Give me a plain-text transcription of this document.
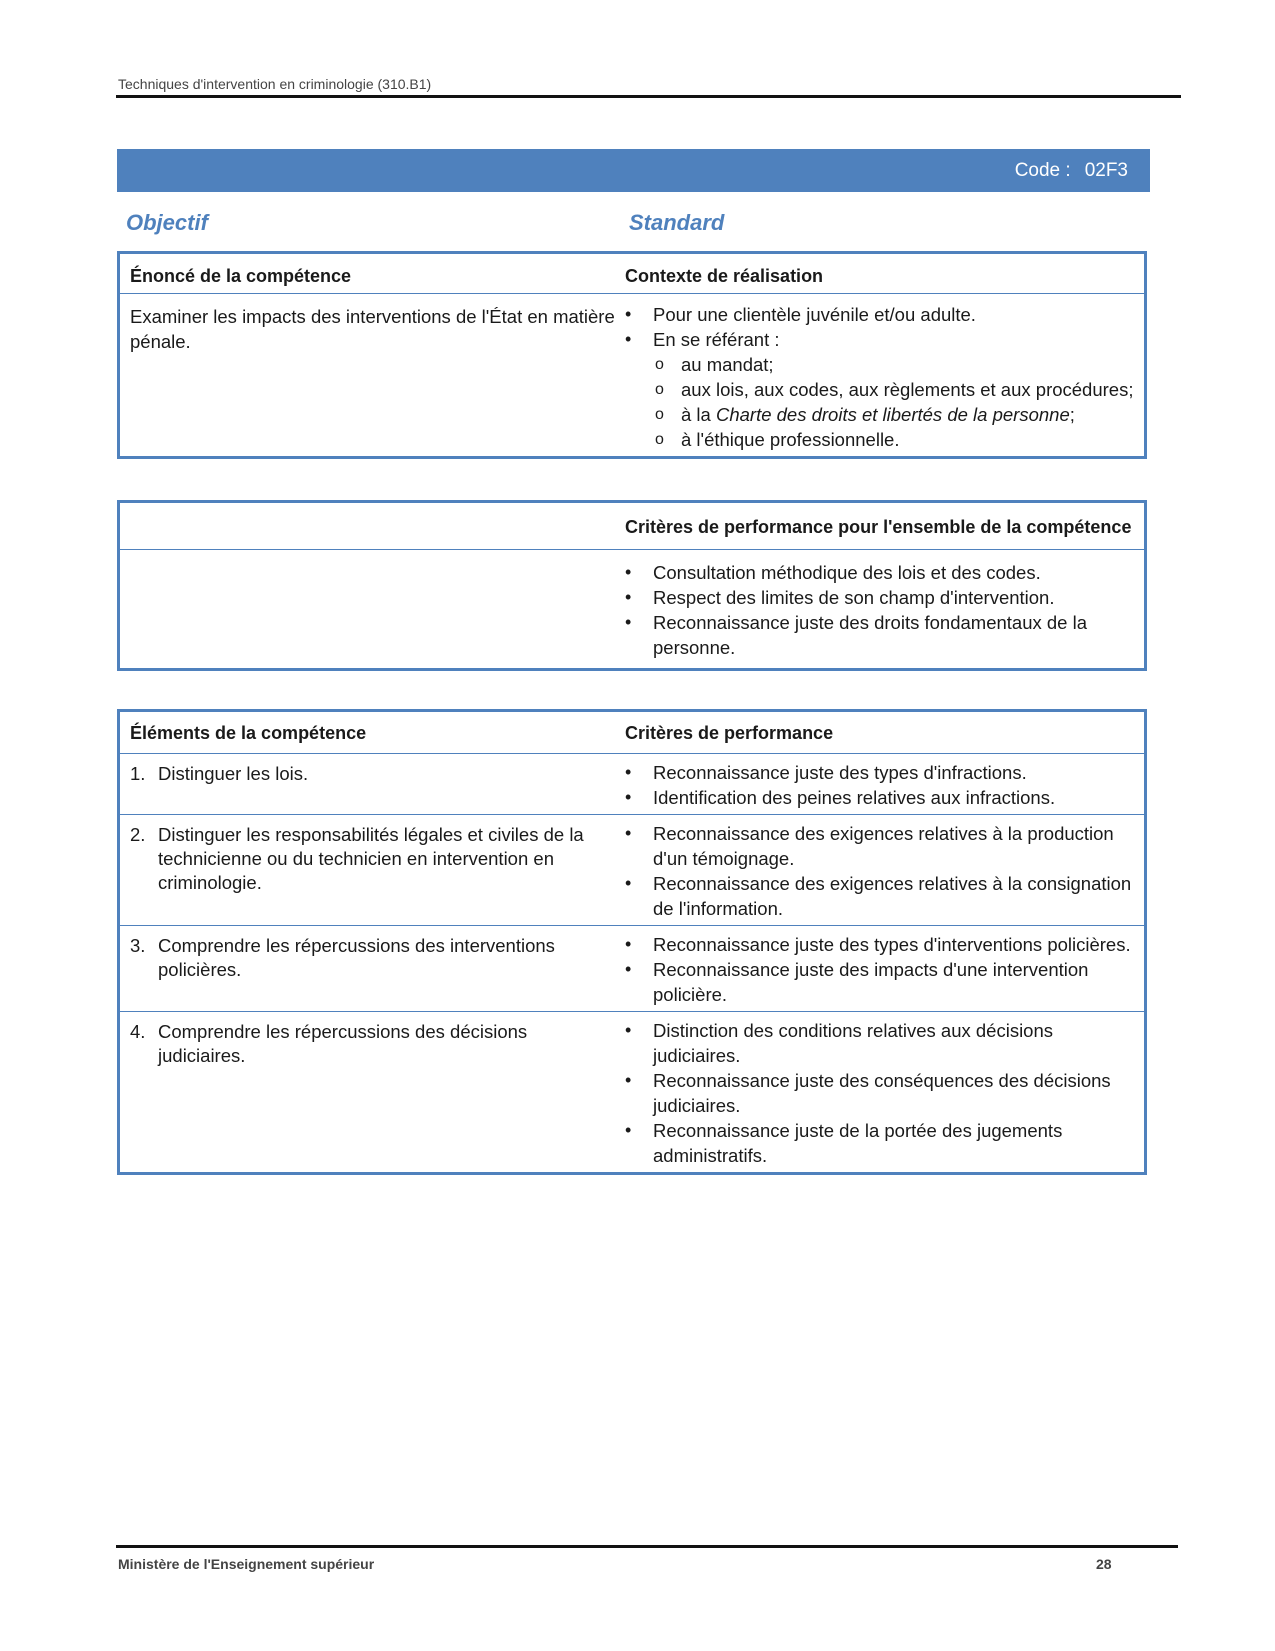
Techniques d'intervention en criminologie (310.B1)
Code : 02F3
Objectif	Standard
Énoncé de la compétence	Contexte de réalisation
Examiner les impacts des interventions de l'État en matière pénale.
• Pour une clientèle juvénile et/ou adulte.
• En se référant :
o au mandat;
o aux lois, aux codes, aux règlements et aux procédures;
o à la Charte des droits et libertés de la personne;
o à l'éthique professionnelle.
Critères de performance pour l'ensemble de la compétence
• Consultation méthodique des lois et des codes.
• Respect des limites de son champ d'intervention.
• Reconnaissance juste des droits fondamentaux de la personne.
Éléments de la compétence	Critères de performance
1. Distinguer les lois.
•	Reconnaissance juste des types d'infractions.
• Identification des peines relatives aux infractions.
2. Distinguer les responsabilités légales et civiles de la technicienne ou du technicien en intervention en criminologie.
• Reconnaissance des exigences relatives à la production d'un témoignage.
• Reconnaissance des exigences relatives à la consignation de l'information.
3. Comprendre les répercussions des interventions policières.
• Reconnaissance juste des types d'interventions policières.
• Reconnaissance juste des impacts d'une intervention policière.
4. Comprendre les répercussions des décisions judiciaires.
• Distinction des conditions relatives aux décisions judiciaires.
• Reconnaissance juste des conséquences des décisions judiciaires.
• Reconnaissance juste de la portée des jugements administratifs.
Ministère de l'Enseignement supérieur	28
